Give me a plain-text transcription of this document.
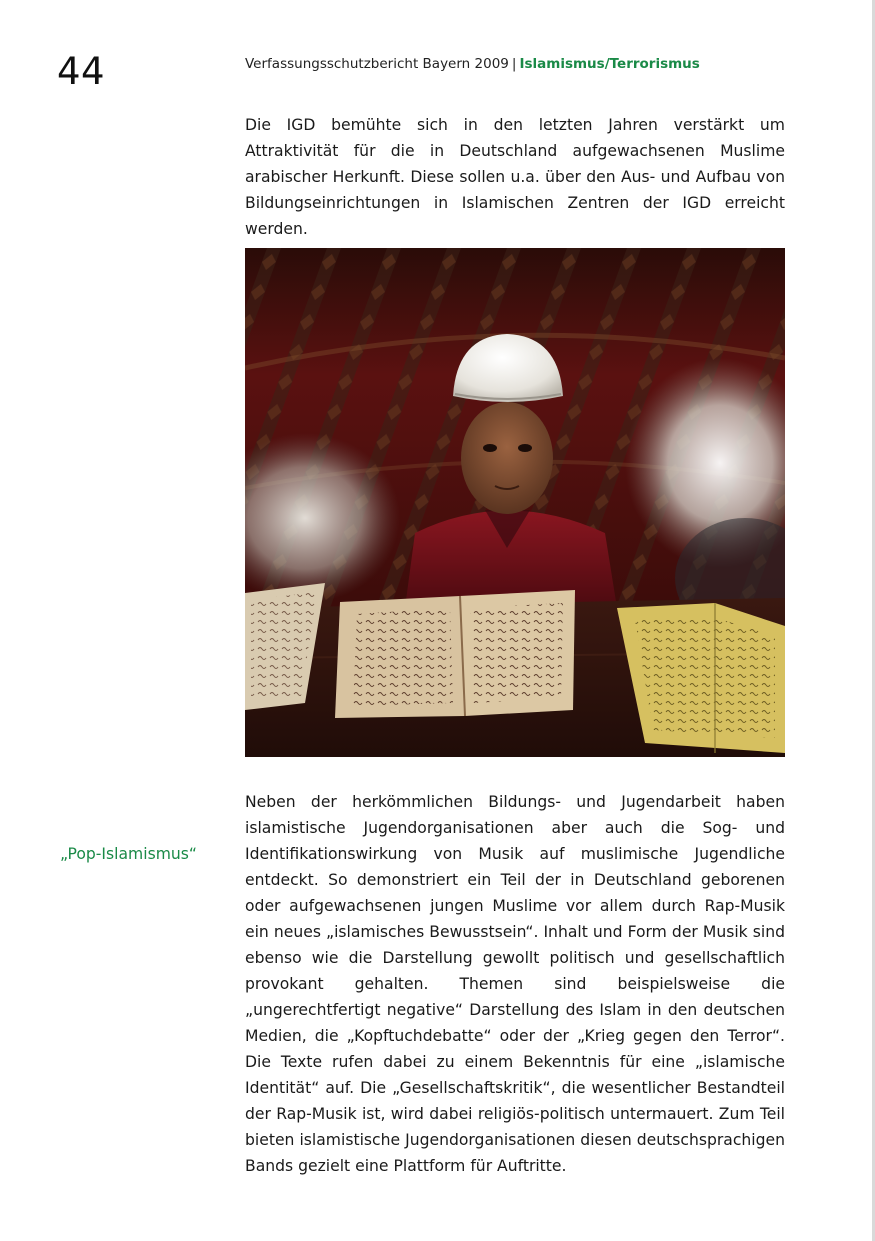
44	Verfassungsschutzbericht Bayern 2009 | Islamismus/Terrorismus

Die IGD bemühte sich in den letzten Jahren verstärkt um Attraktivität für die in Deutschland aufgewachsenen Muslime arabischer Herkunft. Diese sollen u.a. über den Aus- und Aufbau von Bildungseinrichtungen in Islamischen Zentren der IGD erreicht werden.

„Pop-Islamismus“

Neben der herkömmlichen Bildungs- und Jugendarbeit haben islamistische Jugendorganisationen aber auch die Sog- und Identifikationswirkung von Musik auf muslimische Jugendliche entdeckt. So demonstriert ein Teil der in Deutschland geborenen oder aufgewachsenen jungen Muslime vor allem durch Rap-Musik ein neues „islamisches Bewusstsein“. Inhalt und Form der Musik sind ebenso wie die Darstellung gewollt politisch und gesellschaftlich provokant gehalten. Themen sind beispielsweise die „ungerechtfertigt negative“ Darstellung des Islam in den deutschen Medien, die „Kopftuchdebatte“ oder der „Krieg gegen den Terror“. Die Texte rufen dabei zu einem Bekenntnis für eine „islamische Identität“ auf. Die „Gesellschaftskritik“, die wesentlicher Bestandteil der Rap-Musik ist, wird dabei religiös-politisch untermauert. Zum Teil bieten islamistische Jugendorganisationen diesen deutschsprachigen Bands gezielt eine Plattform für Auftritte.
